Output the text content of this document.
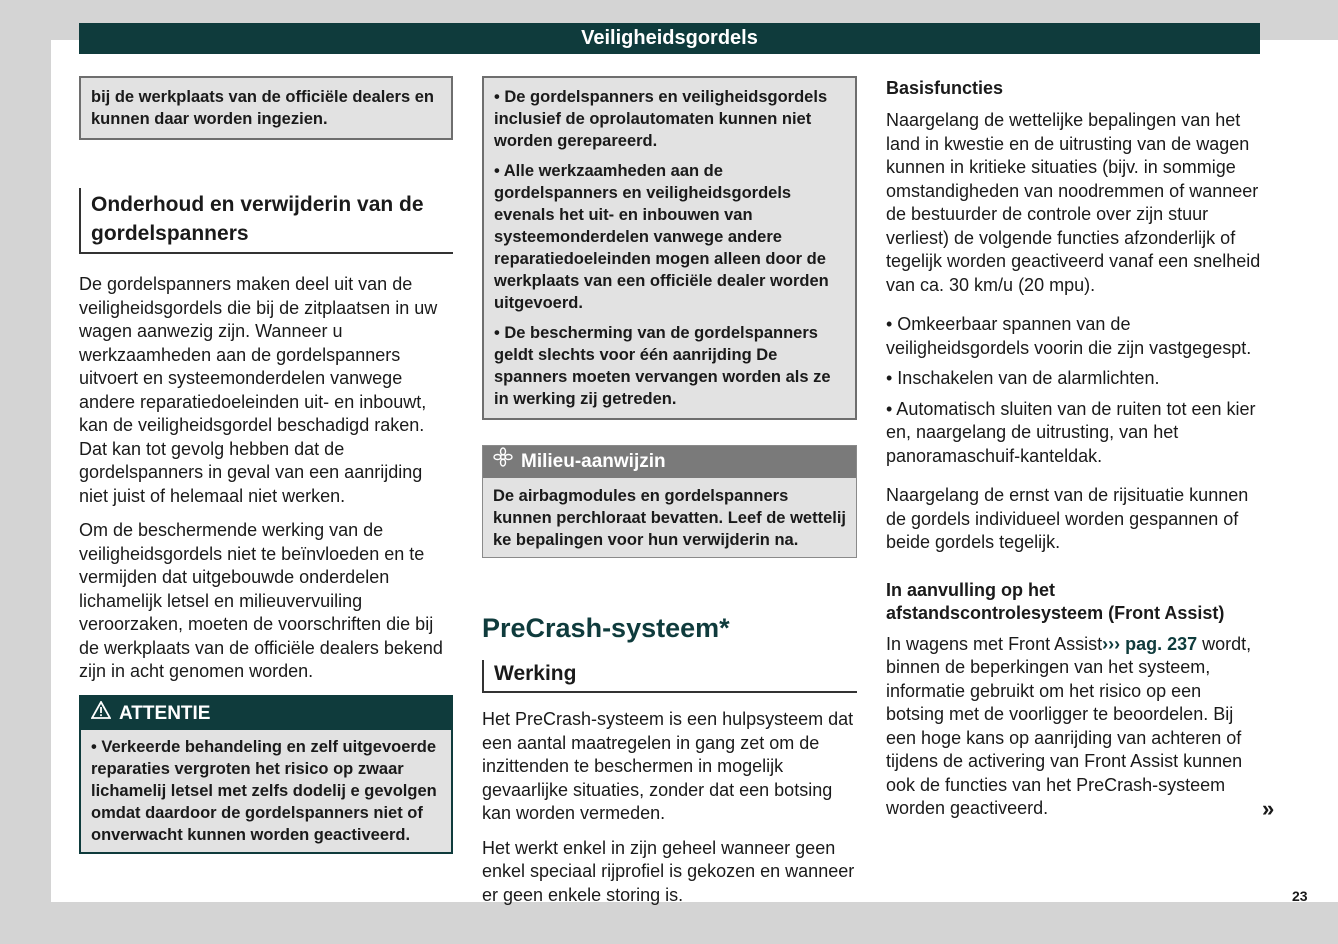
Veiligheidsgordels

bij de werkplaats van de officiële dealers en kunnen daar worden ingezien.

Onderhoud en verwijderin van de gordelspanners

De gordelspanners maken deel uit van de veiligheidsgordels die bij de zitplaatsen in uw wagen aanwezig zijn. Wanneer u werkzaamheden aan de gordelspanners uitvoert en systeemonderdelen vanwege andere reparatiedoeleinden uit- en inbouwt, kan de veiligheidsgordel beschadigd raken. Dat kan tot gevolg hebben dat de gordelspanners in geval van een aanrijding niet juist of helemaal niet werken.

Om de beschermende werking van de veiligheidsgordels niet te beïnvloeden en te vermijden dat uitgebouwde onderdelen lichamelijk letsel en milieuvervuiling veroorzaken, moeten de voorschriften die bij de werkplaats van de officiële dealers bekend zijn in acht genomen worden.

ATTENTIE
• Verkeerde behandeling en zelf uitgevoerde reparaties vergroten het risico op zwaar lichamelij letsel met zelfs dodelij e gevolgen omdat daardoor de gordelspanners niet of onverwacht kunnen worden geactiveerd.

• De gordelspanners en veiligheidsgordels inclusief de oprolautomaten kunnen niet worden gerepareerd.

• Alle werkzaamheden aan de gordelspanners en veiligheidsgordels evenals het uit- en inbouwen van systeemonderdelen vanwege andere reparatiedoeleinden mogen alleen door de werkplaats van een officiële dealer worden uitgevoerd.

• De bescherming van de gordelspanners geldt slechts voor één aanrijding De spanners moeten vervangen worden als ze in werking zij getreden.

Milieu-aanwijzin
De airbagmodules en gordelspanners kunnen perchloraat bevatten. Leef de wettelij ke bepalingen voor hun verwijderin na.
PreCrash-systeem*
Werking

Het PreCrash-systeem is een hulpsysteem dat een aantal maatregelen in gang zet om de inzittenden te beschermen in mogelijk gevaarlijke situaties, zonder dat een botsing kan worden vermeden.

Het werkt enkel in zijn geheel wanneer geen enkel speciaal rijprofiel is gekozen en wanneer er geen enkele storing is.

Basisfuncties

Naargelang de wettelijke bepalingen van het land in kwestie en de uitrusting van de wagen kunnen in kritieke situaties (bijv. in sommige omstandigheden van noodremmen of wanneer de bestuurder de controle over zijn stuur verliest) de volgende functies afzonderlijk of tegelijk worden geactiveerd vanaf een snelheid van ca. 30 km/u (20 mpu).

• Omkeerbaar spannen van de veiligheidsgordels voorin die zijn vastgegespt.

• Inschakelen van de alarmlichten.

• Automatisch sluiten van de ruiten tot een kier en, naargelang de uitrusting, van het panoramaschuif-kanteldak.

Naargelang de ernst van de rijsituatie kunnen de gordels individueel worden gespannen of beide gordels tegelijk.

In aanvulling op het afstandscontrolesysteem (Front Assist)

In wagens met Front Assist››› pag. 237 wordt, binnen de beperkingen van het systeem, informatie gebruikt om het risico op een botsing met de voorligger te beoordelen. Bij een hoge kans op aanrijding van achteren of tijdens de activering van Front Assist kunnen ook de functies van het PreCrash-systeem worden geactiveerd.	»
23
